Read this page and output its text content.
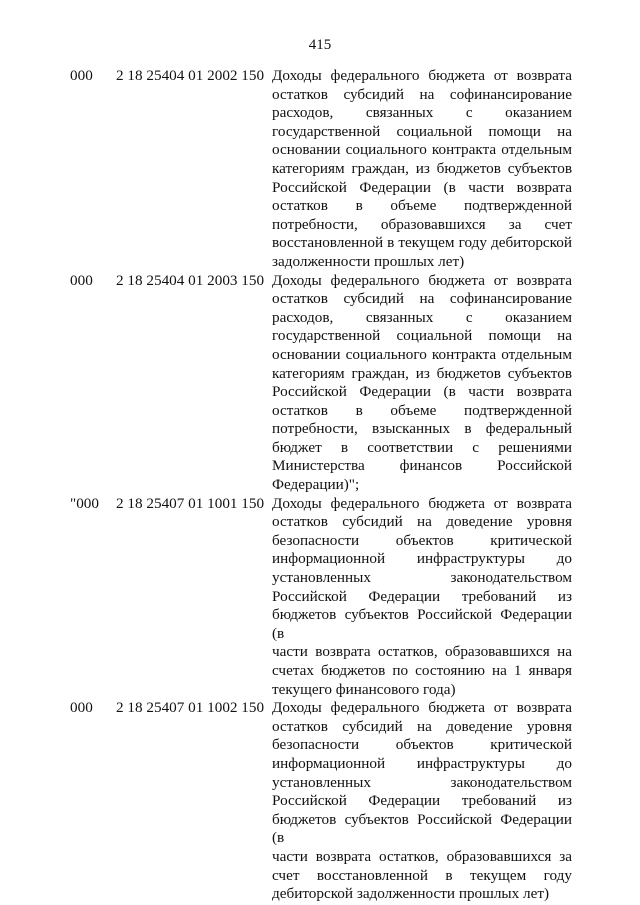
415
000	2 18 25404 01 2002 150 Доходы федерального бюджета от возврата
остатков субсидий на софинансирование
расходов, связанных с оказанием
государственной социальной помощи на
основании социального контракта отдельным
категориям граждан, из бюджетов субъектов
Российской Федерации (в части возврата
остатков в объеме подтвержденной
потребности, образовавшихся за счет
восстановленной в текущем году дебиторской
задолженности прошлых лет)
000	2 18 25404 01 2003 150 Доходы федерального бюджета от возврата
остатков субсидий на софинансирование
расходов, связанных с оказанием
государственной социальной помощи на
основании социального контракта отдельным
категориям граждан, из бюджетов субъектов
Российской Федерации (в части возврата
остатков в объеме подтвержденной
потребности, взысканных в федеральный
бюджет в соответствии с решениями
Министерства финансов Российской
Федерации)";
"000	2 18 25407 01 1001 150 Доходы федерального бюджета от возврата
остатков субсидий на доведение уровня
безопасности объектов критической
информационной инфраструктуры до
установленных законодательством
Российской Федерации требований из
бюджетов субъектов Российской Федерации (в
части возврата остатков, образовавшихся на
счетах бюджетов по состоянию на 1 января
текущего финансового года)
000	2 18 25407 01 1002 150 Доходы федерального бюджета от возврата
остатков субсидий на доведение уровня
безопасности объектов критической
информационной инфраструктуры до
установленных законодательством
Российской Федерации требований из
бюджетов субъектов Российской Федерации (в
части возврата остатков, образовавшихся за
счет восстановленной в текущем году
дебиторской задолженности прошлых лет)
